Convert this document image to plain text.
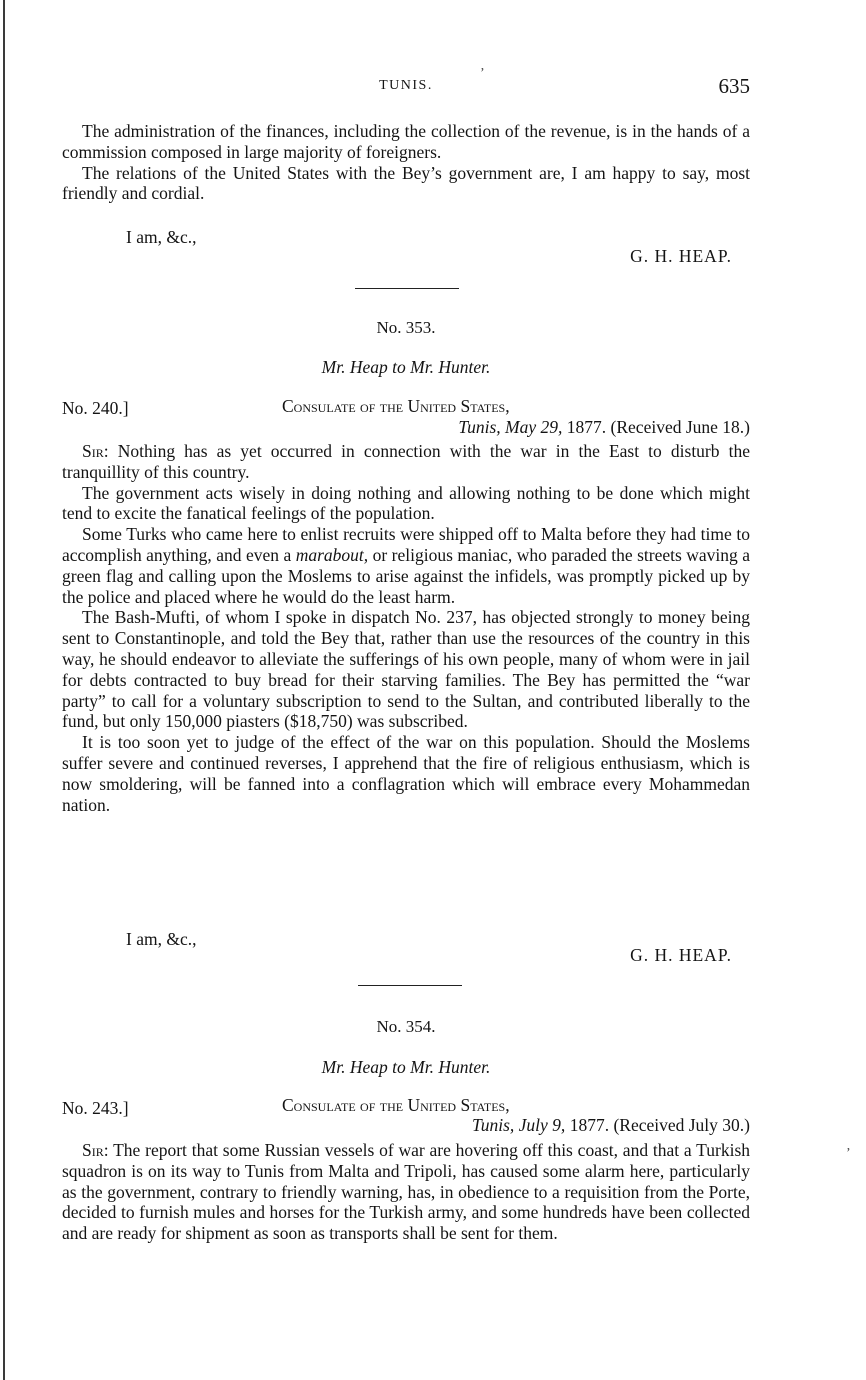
ʼ
ʼ
TUNIS.	635

The administration of the finances, including the collection of the revenue, is in the hands of a commission composed in large majority of foreigners.

The relations of the United States with the Bey’s government are, I am happy to say, most friendly and cordial.

I am, &c.,
G. H. HEAP.
No. 353.
Mr. Heap to Mr. Hunter.
No. 240.]	Consulate of the United States,
Tunis, May 29, 1877. (Received June 18.)

Sir: Nothing has as yet occurred in connection with the war in the East to disturb the tranquillity of this country.

The government acts wisely in doing nothing and allowing nothing to be done which might tend to excite the fanatical feelings of the population.

Some Turks who came here to enlist recruits were shipped off to Malta before they had time to accomplish anything, and even a marabout, or religious maniac, who paraded the streets waving a green flag and calling upon the Moslems to arise against the infidels, was promptly picked up by the police and placed where he would do the least harm.

The Bash-Mufti, of whom I spoke in dispatch No. 237, has objected strongly to money being sent to Constantinople, and told the Bey that, rather than use the resources of the country in this way, he should endeavor to alleviate the sufferings of his own people, many of whom were in jail for debts contracted to buy bread for their starving families. The Bey has permitted the “war party” to call for a voluntary subscription to send to the Sultan, and contributed liberally to the fund, but only 150,000 piasters ($18,750) was subscribed.

It is too soon yet to judge of the effect of the war on this population. Should the Moslems suffer severe and continued reverses, I apprehend that the fire of religious enthusiasm, which is now smoldering, will be fanned into a conflagration which will embrace every Mohammedan nation.

I am, &c.,
G. H. HEAP.
No. 354.
Mr. Heap to Mr. Hunter.
No. 243.]	Consulate of the United States,
Tunis, July 9, 1877. (Received July 30.)

Sir: The report that some Russian vessels of war are hovering off this coast, and that a Turkish squadron is on its way to Tunis from Malta and Tripoli, has caused some alarm here, particularly as the government, contrary to friendly warning, has, in obedience to a requisition from the Porte, decided to furnish mules and horses for the Turkish army, and some hundreds have been collected and are ready for shipment as soon as transports shall be sent for them.
